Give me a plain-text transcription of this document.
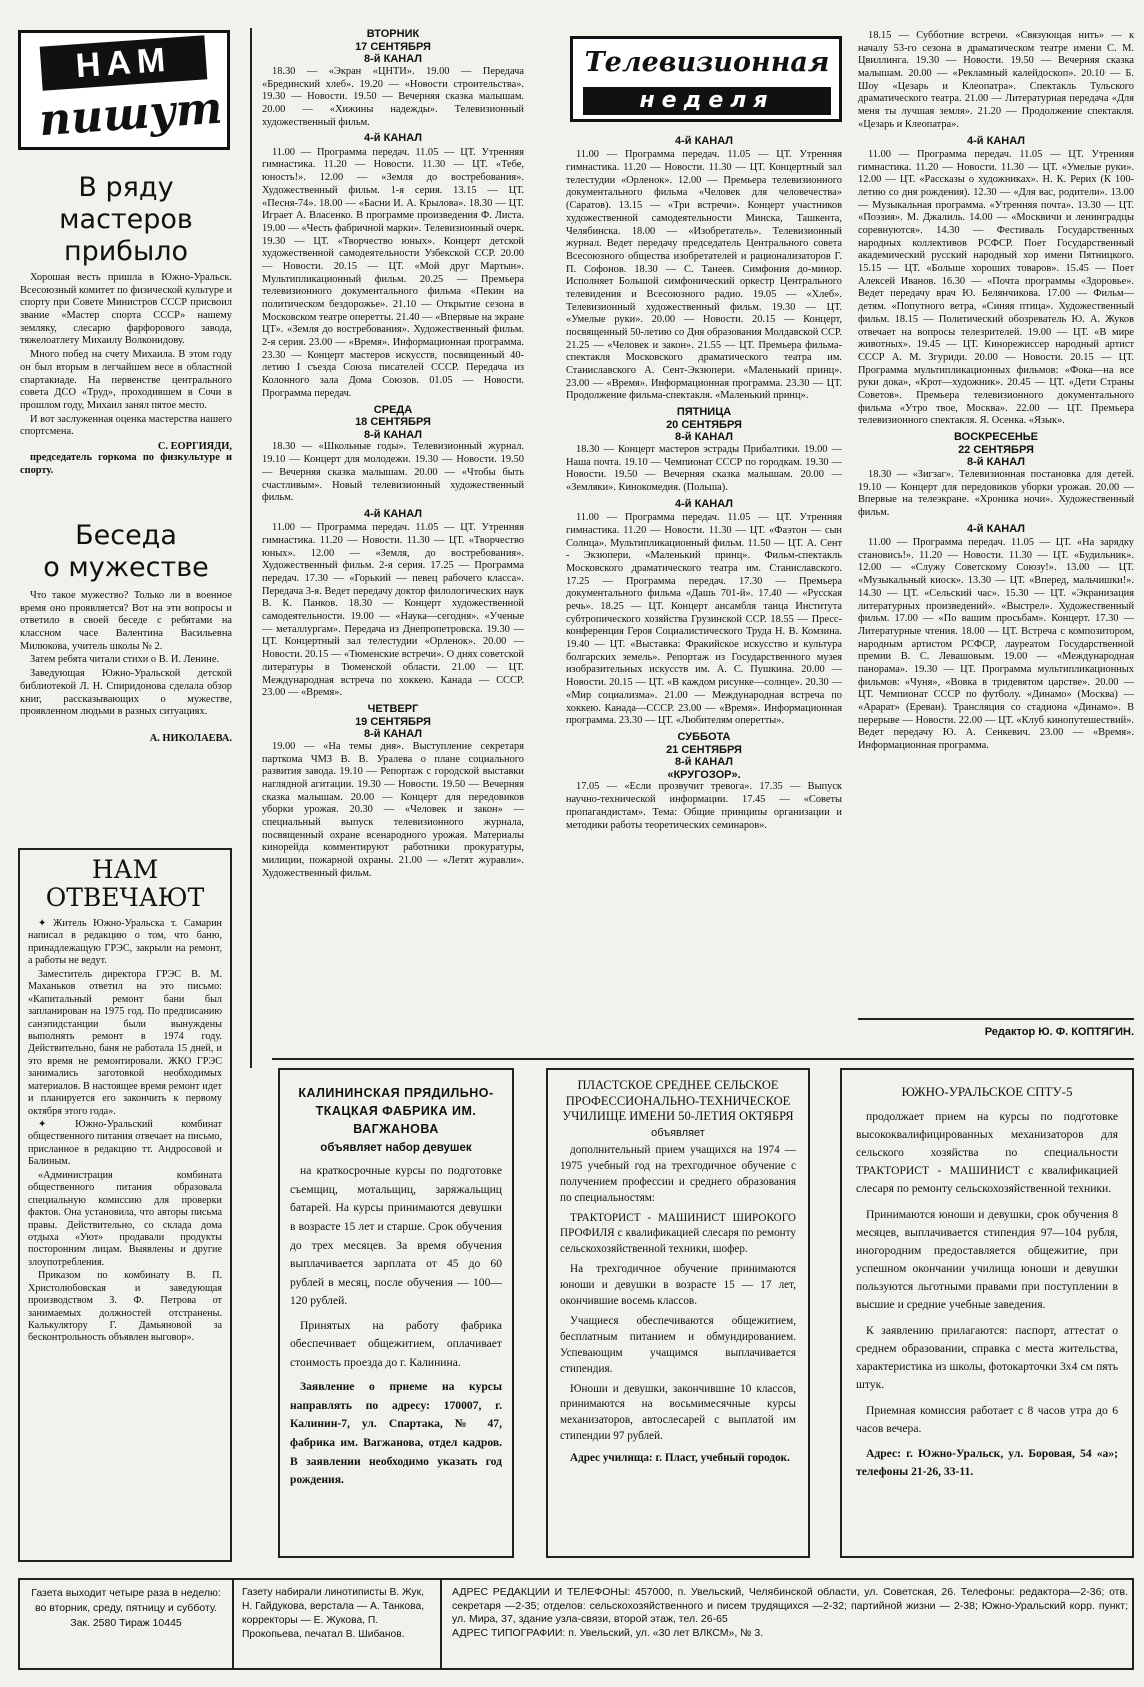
НАМ
пишут
В ряду
мастеров
прибыло

Хорошая весть пришла в Южно-Уральск. Всесоюзный комитет по физической культуре и спорту при Совете Министров СССР присвоил звание «Мастер спорта СССР» нашему земляку, слесарю фарфорового завода, тяжелоатлету Михаилу Волконидову.

Много побед на счету Михаила. В этом году он был вторым в легчайшем весе в областной спартакиаде. На первенстве центрального совета ДСО «Труд», проходившем в Сочи в прошлом году, Михаил занял пятое место.

И вот заслуженная оценка мастерства нашего спортсмена.

С. ЕОРГИЯДИ,
председатель горкома по физкультуре и спорту.
Беседа
о мужестве

Что такое мужество? Только ли в военное время оно проявляется? Вот на эти вопросы и ответило в своей беседе с ребятами на классном часе Валентина Васильевна Милюкова, учитель школы № 2.

Затем ребята читали стихи о В. И. Ленине.

Заведующая Южно-Уральской детской библиотекой Л. Н. Спиридонова сделала обзор книг, рассказывающих о мужестве, проявленном людьми в разных ситуациях.

А. НИКОЛАЕВА.
НАМ
ОТВЕЧАЮТ

✦ Житель Южно-Уральска т. Самарин написал в редакцию о том, что баню, принадлежащую ГРЭС, закрыли на ремонт, а работы не ведут.

Заместитель директора ГРЭС В. М. Маханьков ответил на это письмо: «Капитальный ремонт бани был запланирован на 1975 год. По предписанию санэпидстанции были вынуждены выполнять ремонт в 1974 году. Действительно, баня не работала 15 дней, и это время не ремонтировали. ЖКО ГРЭС занимались заготовкой необходимых материалов. В настоящее время ремонт идет и планируется его закончить к первому октября этого года».

✦ Южно-Уральский комбинат общественного питания отвечает на письмо, присланное в редакцию тт. Андросовой и Балиным.

«Администрация комбината общественного питания образовала специальную комиссию для проверки фактов. Она установила, что авторы письма правы. Действительно, со склада дома отдыха «Уют» продавали продукты посторонним лицам. Выявлены и другие злоупотребления.

Приказом по комбинату В. П. Христолюбовская и заведующая производством З. Ф. Петрова от занимаемых должностей отстранены. Калькулятору Г. Дамьяновой за бесконтрольность объявлен выговор».

ВТОРНИК
17 СЕНТЯБРЯ
8-й КАНАЛ

18.30 — «Экран «ЦНТИ». 19.00 — Передача «Брединский хлеб». 19.20 — «Новости строительства». 19.30 — Новости. 19.50 — Вечерняя сказка малышам. 20.00 — «Хижины надежды». Телевизионный художественный фильм.

4-й КАНАЛ

11.00 — Программа передач. 11.05 — ЦТ. Утренняя гимнастика. 11.20 — Новости. 11.30 — ЦТ. «Тебе, юность!». 12.00 — «Земля до востребования». Художественный фильм. 1-я серия. 13.15 — ЦТ. «Песня-74». 18.00 — «Басни И. А. Крылова». 18.30 — ЦТ. Играет А. Власенко. В программе произведения Ф. Листа. 19.00 — «Честь фабричной марки». Телевизионный очерк. 19.30 — ЦТ. «Творчество юных». Концерт детской художественной самодеятельности Узбекской ССР. 20.00 — Новости. 20.15 — ЦТ. «Мой друг Мартын». Мультипликационный фильм. 20.25 — Премьера телевизионного документального фильма «Пекин на политическом бездорожье». 21.10 — Открытие сезона в Московском театре оперетты. 21.40 — «Впервые на экране ЦТ». «Земля до востребования». Художественный фильм. 2-я серия. 23.00 — «Время». Информационная программа. 23.30 — Концерт мастеров искусств, посвященный 40-летию I съезда Союза писателей СССР. Передача из Колонного зала Дома Союзов. 01.05 — Новости. Программа передач.

СРЕДА
18 СЕНТЯБРЯ
8-й КАНАЛ

18.30 — «Школьные годы». Телевизионный журнал. 19.10 — Концерт для молодежи. 19.30 — Новости. 19.50 — Вечерняя сказка малышам. 20.00 — «Чтобы быть счастливым». Новый телевизионный художественный фильм.

4-й КАНАЛ

11.00 — Программа передач. 11.05 — ЦТ. Утренняя гимнастика. 11.20 — Новости. 11.30 — ЦТ. «Творчество юных». 12.00 — «Земля, до востребования». Художественный фильм. 2-я серия. 17.25 — Программа передач. 17.30 — «Горький — певец рабочего класса». Передача 3-я. Ведет передачу доктор филологических наук В. К. Панков. 18.30 — Концерт художественной самодеятельности. 19.00 — «Наука—сегодня». «Ученые — металлургам». Передача из Днепропетровска. 19.30 — ЦТ. Концертный зал телестудии «Орленок». 20.00 — Новости. 20.15 — «Тюменские встречи». О днях советской литературы в Тюменской области. 21.00 — ЦТ. Международная встреча по хоккею. Канада — СССР. 23.00 — «Время».

ЧЕТВЕРГ
19 СЕНТЯБРЯ
8-й КАНАЛ

19.00 — «На темы дня». Выступление секретаря парткома ЧМЗ В. В. Уралева о плане социального развития завода. 19.10 — Репортаж с городской выставки наглядной агитации. 19.30 — Новости. 19.50 — Вечерняя сказка малышам. 20.00 — Концерт для передовиков уборки урожая. 20.30 — «Человек и закон» — специальный выпуск телевизионного журнала, посвященный охране всенародного урожая. Материалы кинорейда комментируют работники прокуратуры, милиции, пожарной охраны. 21.00 — «Летят журавли». Художественный фильм.

Телевизионная
неделя
4-й КАНАЛ

11.00 — Программа передач. 11.05 — ЦТ. Утренняя гимнастика. 11.20 — Новости. 11.30 — ЦТ. Концертный зал телестудии «Орленок». 12.00 — Премьера телевизионного документального фильма «Человек для человечества» (Саратов). 13.15 — «Три встречи». Концерт участников художественной самодеятельности Минска, Ташкента, Челябинска. 18.00 — «Изобретатель». Телевизионный журнал. Ведет передачу председатель Центрального совета Всесоюзного общества изобретателей и рационализаторов Г. П. Софонов. 18.30 — С. Танеев. Симфония до-минор. Исполняет Большой симфонический оркестр Центрального телевидения и Всесоюзного радио. 19.05 — «Хлеб». Телевизионный художественный фильм. 19.30 — ЦТ. «Умелые руки». 20.00 — Новости. 20.15 — Концерт, посвященный 50-летию со Дня образования Молдавской ССР. 21.25 — «Человек и закон». 21.55 — ЦТ. Премьера фильма-спектакля Московского драматического театра им. Станиславского А. Сент-Экзюпери. «Маленький принц». 23.00 — «Время». Информационная программа. 23.30 — ЦТ. Продолжение фильма-спектакля. «Маленький принц».

ПЯТНИЦА
20 СЕНТЯБРЯ
8-й КАНАЛ

18.30 — Концерт мастеров эстрады Прибалтики. 19.00 — Наша почта. 19.10 — Чемпионат СССР по городкам. 19.30 — Новости. 19.50 — Вечерняя сказка малышам. 20.00 — «Земляки». Кинокомедия. (Польша).

4-й КАНАЛ

11.00 — Программа передач. 11.05 — ЦТ. Утренняя гимнастика. 11.20 — Новости. 11.30 — ЦТ. «Фаэтон — сын Солнца». Мультипликационный фильм. 11.50 — ЦТ. А. Сент - Экзюпери. «Маленький принц». Фильм-спектакль Московского драматического театра им. Станиславского. 17.25 — Программа передач. 17.30 — Премьера документального фильма «Дашь 701-й». 17.40 — «Русская речь». 18.25 — ЦТ. Концерт ансамбля танца Института субтропического хозяйства Грузинской ССР. 18.55 — Пресс-конференция Героя Социалистического Труда Н. В. Комзина. 19.40 — ЦТ. «Выставка: Фракийское искусство и культура болгарских земель». Репортаж из Государственного музея изобразительных искусств им. А. С. Пушкина. 20.00 — Новости. 20.15 — ЦТ. «В каждом рисунке—солнце». 20.30 — «Мир социализма». 21.00 — Международная встреча по хоккею. Канада—СССР. 23.00 — «Время». Информационная программа. 23.30 — ЦТ. «Любителям оперетты».

СУББОТА
21 СЕНТЯБРЯ
8-й КАНАЛ
«КРУГОЗОР».

17.05 — «Если прозвучит тревога». 17.35 — Выпуск научно-технической информации. 17.45 — «Советы пропагандистам». Тема: Общие принципы организации и методики работы теоретических семинаров».

18.15 — Субботние встречи. «Связующая нить» — к началу 53-го сезона в драматическом театре имени С. М. Цвиллинга. 19.30 — Новости. 19.50 — Вечерняя сказка малышам. 20.00 — «Рекламный калейдоскоп». 20.10 — Б. Шоу «Цезарь и Клеопатра». Спектакль Тульского драматического театра. 21.00 — Литературная передача «Для меня ты лучшая земля». 21.20 — Продолжение спектакля. «Цезарь и Клеопатра».

4-й КАНАЛ

11.00 — Программа передач. 11.05 — ЦТ. Утренняя гимнастика. 11.20 — Новости. 11.30 — ЦТ. «Умелые руки». 12.00 — ЦТ. «Рассказы о художниках». Н. К. Рерих (К 100-летию со дня рождения). 12.30 — «Для вас, родители». 13.00 — Музыкальная программа. «Утренняя почта». 13.30 — ЦТ. «Поэзия». М. Джалиль. 14.00 — «Москвичи и ленинградцы соревнуются». 14.30 — Фестиваль Государственных народных коллективов РСФСР. Поет Государственный академический русский народный хор имени Пятницкого. 15.15 — ЦТ. «Больше хороших товаров». 15.45 — Поет Алексей Иванов. 16.30 — «Почта программы «Здоровье». Ведет передачу врач Ю. Белянчикова. 17.00 — Фильм—детям. «Попутного ветра, «Синяя птица». Художественный фильм. 18.15 — Политический обозреватель Ю. А. Жуков отвечает на вопросы телезрителей. 19.00 — ЦТ. «В мире животных». 19.45 — ЦТ. Кинорежиссер народный артист СССР А. М. Згуриди. 20.00 — Новости. 20.15 — ЦТ. Программа мультипликационных фильмов: «Фока—на все руки дока», «Крот—художник». 20.45 — ЦТ. «Дети Страны Советов». Премьера телевизионного документального фильма «Утро твое, Москва». 22.00 — ЦТ. Премьера телевизионного спектакля. Я. Осенка. «Язык».

ВОСКРЕСЕНЬЕ
22 СЕНТЯБРЯ
8-й КАНАЛ

18.30 — «Зигзаг». Телевизионная постановка для детей. 19.10 — Концерт для передовиков уборки урожая. 20.00 — Впервые на телеэкране. «Хроника ночи». Художественный фильм.

4-й КАНАЛ

11.00 — Программа передач. 11.05 — ЦТ. «На зарядку становись!». 11.20 — Новости. 11.30 — ЦТ. «Будильник». 12.00 — «Служу Советскому Союзу!». 13.00 — ЦТ. «Музыкальный киоск». 13.30 — ЦТ. «Вперед, мальчишки!». 14.30 — ЦТ. «Сельский час». 15.30 — ЦТ. «Экранизация литературных произведений». «Выстрел». Художественный фильм. 17.00 — «По вашим просьбам». Концерт. 17.30 — Литературные чтения. 18.00 — ЦТ. Встреча с композитором, народным артистом РСФСР, лауреатом Государственной премии В. С. Левашовым. 19.00 — «Международная панорама». 19.30 — ЦТ. Программа мультипликационных фильмов: «Чуня», «Вовка в тридевятом царстве». 20.00 — ЦТ. Чемпионат СССР по футболу. «Динамо» (Москва) — «Арарат» (Ереван). Трансляция со стадиона «Динамо». В перерыве — Новости. 22.00 — ЦТ. «Клуб кинопутешествий». Ведет передачу Ю. А. Сенкевич. 23.00 — «Время». Информационная программа.

Редактор Ю. Ф. КОПТЯГИН.
КАЛИНИНСКАЯ ПРЯДИЛЬНО-ТКАЦКАЯ ФАБРИКА ИМ. ВАГЖАНОВА
объявляет набор девушек

на краткосрочные курсы по подготовке съемщиц, мотальщиц, заряжальщиц батарей. На курсы принимаются девушки в возрасте 15 лет и старше. Срок обучения до трех месяцев. За время обучения выплачивается зарплата от 45 до 60 рублей в месяц, после обучения — 100—120 рублей.

Принятых на работу фабрика обеспечивает общежитием, оплачивает стоимость проезда до г. Калинина.

Заявление о приеме на курсы направлять по адресу: 170007, г. Калинин-7, ул. Спартака, № 47, фабрика им. Вагжанова, отдел кадров. В заявлении необходимо указать год рождения.

ПЛАСТСКОЕ СРЕДНЕЕ СЕЛЬСКОЕ ПРОФЕССИОНАЛЬНО-ТЕХНИЧЕСКОЕ УЧИЛИЩЕ ИМЕНИ 50-ЛЕТИЯ ОКТЯБРЯ
объявляет

дополнительный прием учащихся на 1974 — 1975 учебный год на трехгодичное обучение с получением профессии и среднего образования по специальностям:

ТРАКТОРИСТ - МАШИНИСТ ШИРОКОГО ПРОФИЛЯ с квалификацией слесаря по ремонту сельскохозяйственной техники, шофер.

На трехгодичное обучение принимаются юноши и девушки в возрасте 15 — 17 лет, окончившие восемь классов.

Учащиеся обеспечиваются общежитием, бесплатным питанием и обмундированием. Успевающим учащимся выплачивается стипендия.

Юноши и девушки, закончившие 10 классов, принимаются на восьмимесячные курсы механизаторов, автослесарей с выплатой им стипендии 97 рублей.

Адрес училища: г. Пласт, учебный городок.

ЮЖНО-УРАЛЬСКОЕ СПТУ-5

продолжает прием на курсы по подготовке высококвалифицированных механизаторов для сельского хозяйства по специальности ТРАКТОРИСТ - МАШИНИСТ с квалификацией слесаря по ремонту сельскохозяйственной техники.

Принимаются юноши и девушки, срок обучения 8 месяцев, выплачивается стипендия 97—104 рубля, иногородним предоставляется общежитие, при успешном окончании училища юноши и девушки пользуются льготными правами при поступлении в высшие и средние учебные заведения.

К заявлению прилагаются: паспорт, аттестат о среднем образовании, справка с места жительства, характеристика из школы, фотокарточки 3х4 см пять штук.

Приемная комиссия работает с 8 часов утра до 6 часов вечера.

Адрес: г. Южно-Уральск, ул. Боровая, 54 «а»; телефоны 21-26, 33-11.

Газета выходит четыре раза в неделю: во вторник, среду, пятницу и субботу.
Зак. 2580 Тираж 10445
Газету набирали линотиписты В. Жук, Н. Гайдукова, верстала — А. Танкова, корректоры — Е. Жукова, П. Прокопьева, печатал В. Шибанов.
АДРЕС РЕДАКЦИИ И ТЕЛЕФОНЫ: 457000, п. Увельский, Челябинской области, ул. Советская, 26. Телефоны: редактора—2-36; отв. секретаря —2-35; отделов: сельскохозяйственного и писем трудящихся —2-32; партийной жизни — 2-38; Южно-Уральский корр. пункт; ул. Мира, 37, здание узла-связи, второй этаж, тел. 26-65
АДРЕС ТИПОГРАФИИ: п. Увельский, ул. «30 лет ВЛКСМ», № 3.
